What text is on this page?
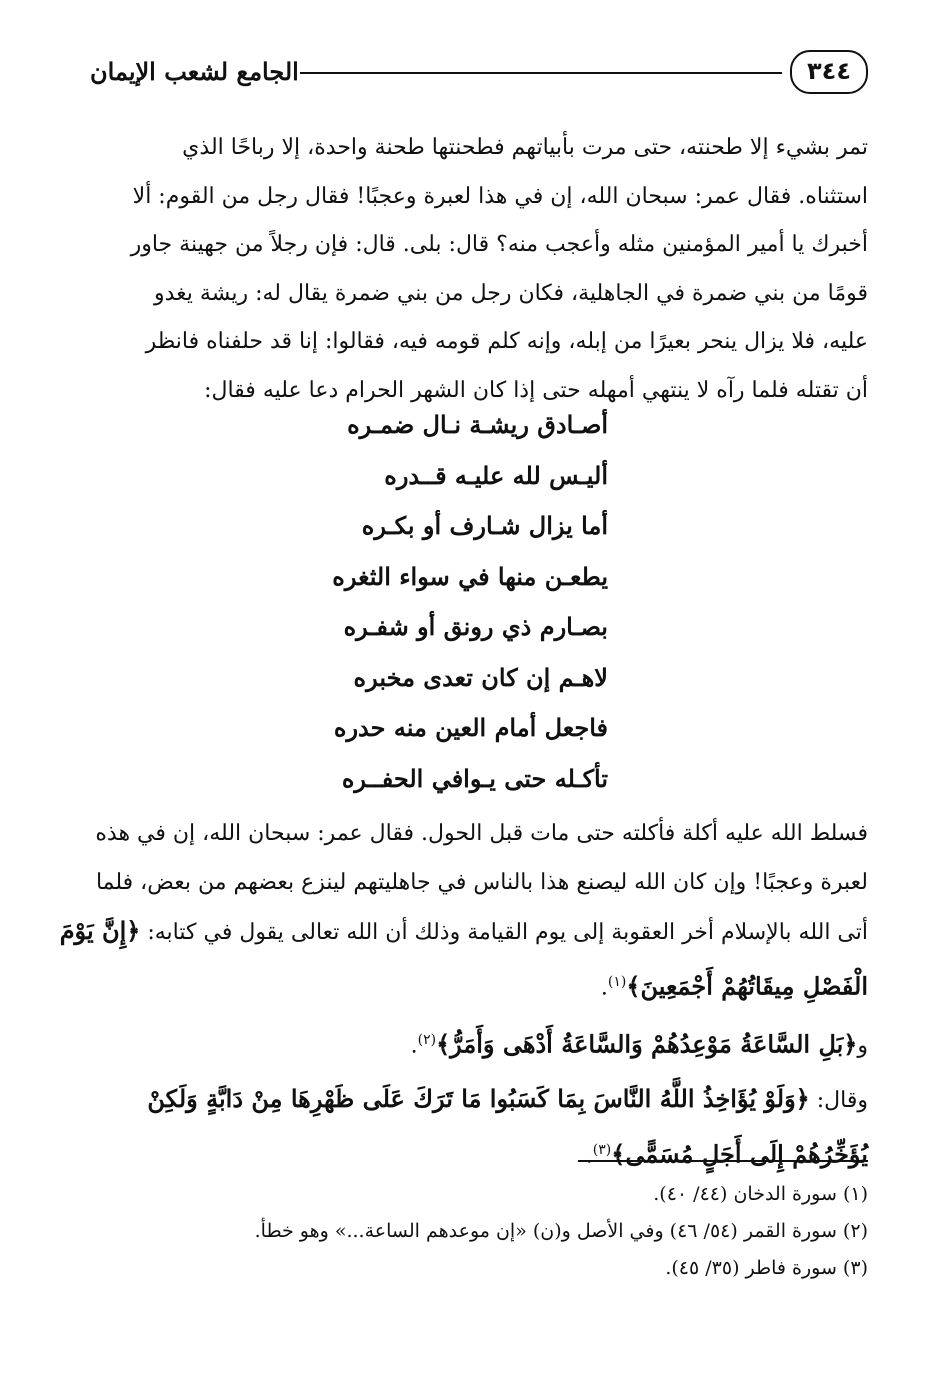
٣٤٤
الجامع لشعب الإيمان
تمر بشيء إلا طحنته، حتى مرت بأبياتهم فطحنتها طحنة واحدة، إلا رباحًا الذي
استثناه. فقال عمر: سبحان الله، إن في هذا لعبرة وعجبًا! فقال رجل من القوم: ألا
أخبرك يا أمير المؤمنين مثله وأعجب منه؟ قال: بلى. قال: فإن رجلاً من جهينة جاور
قومًا من بني ضمرة في الجاهلية، فكان رجل من بني ضمرة يقال له: ريشة يغدو
عليه، فلا يزال ينحر بعيرًا من إبله، وإنه كلم قومه فيه، فقالوا: إنا قد حلفناه فانظر
أن تقتله فلما رآه لا ينتهي أمهله حتى إذا كان الشهر الحرام دعا عليه فقال:
أصـادق ريشـة نـال ضمـره
أليـس لله عليـه قــدره
أما يزال شـارف أو بكـره
يطعـن منها في سواء الثغره
بصـارم ذي رونق أو شفـره
لاهـم إن كان تعدى مخبره
فاجعل أمام العين منه حدره
تأكـله حتى يـوافي الحفــره
فسلط الله عليه أكلة فأكلته حتى مات قبل الحول. فقال عمر: سبحان الله، إن في هذه
لعبرة وعجبًا! وإن كان الله ليصنع هذا بالناس في جاهليتهم لينزع بعضهم من بعض، فلما
أتى الله بالإسلام أخر العقوبة إلى يوم القيامة وذلك أن الله تعالى يقول في كتابه: ﴿إِنَّ يَوْمَ
الْفَصْلِ مِيقَاتُهُمْ أَجْمَعِينَ﴾$^{(١)}$.
و﴿بَلِ السَّاعَةُ مَوْعِدُهُمْ وَالسَّاعَةُ أَدْهَى وَأَمَرُّ﴾$^{(٢)}$.
وقال: ﴿وَلَوْ يُؤَاخِذُ اللَّهُ النَّاسَ بِمَا كَسَبُوا مَا تَرَكَ عَلَى ظَهْرِهَا مِنْ دَابَّةٍ وَلَكِنْ
يُؤَخِّرُهُمْ إِلَى أَجَلٍ مُسَمًّى﴾$^{(٣)}$.
(١) سورة الدخان (٤٤/ ٤٠).
(٢) سورة القمر (٥٤/ ٤٦) وفي الأصل و(ن) «إن موعدهم الساعة...» وهو خطأ.
(٣) سورة فاطر (٣٥/ ٤٥).
